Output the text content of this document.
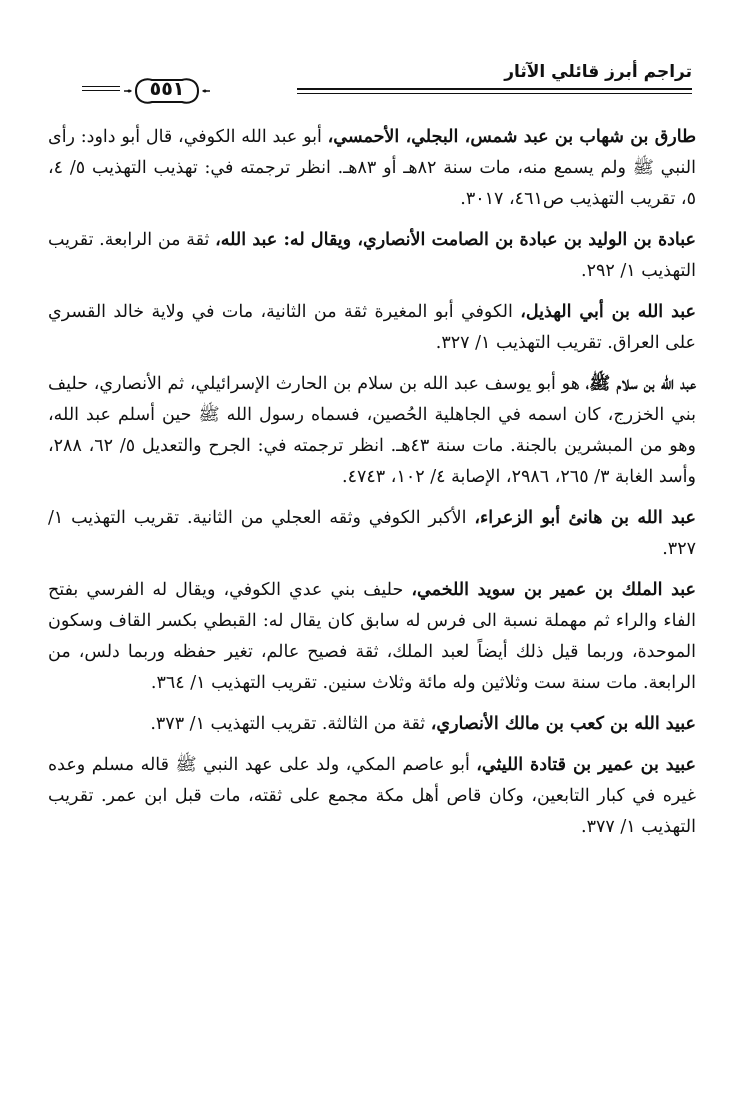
تراجم أبرز قائلي الآثار
٥٥١

طارق بن شهاب بن عبد شمس، البجلي، الأحمسي، أبو عبد الله الكوفي، قال أبو داود: رأى النبي ﷺ ولم يسمع منه، مات سنة ٨٢هـ أو ٨٣هـ. انظر ترجمته في: تهذيب التهذيب ٥/ ٤، ٥، تقريب التهذيب ص٤٦١، ٣٠١٧.

عبادة بن الوليد بن عبادة بن الصامت الأنصاري، ويقال له: عبد الله، ثقة من الرابعة. تقريب التهذيب ١/ ٢٩٢.

عبد الله بن أبي الهذيل، الكوفي أبو المغيرة ثقة من الثانية، مات في ولاية خالد القسري على العراق. تقريب التهذيب ١/ ٣٢٧.

عبد الله بن سلام ﷺ، هو أبو يوسف عبد الله بن سلام بن الحارث الإسرائيلي، ثم الأنصاري، حليف بني الخزرج، كان اسمه في الجاهلية الحُصين، فسماه رسول الله ﷺ حين أسلم عبد الله، وهو من المبشرين بالجنة. مات سنة ٤٣هـ. انظر ترجمته في: الجرح والتعديل ٥/ ٦٢، ٢٨٨، وأسد الغابة ٣/ ٢٦٥، ٢٩٨٦، الإصابة ٤/ ١٠٢، ٤٧٤٣.

عبد الله بن هانئ أبو الزعراء، الأكبر الكوفي وثقه العجلي من الثانية. تقريب التهذيب ١/ ٣٢٧.

عبد الملك بن عمير بن سويد اللخمي، حليف بني عدي الكوفي، ويقال له الفرسي بفتح الفاء والراء ثم مهملة نسبة الى فرس له سابق كان يقال له: القبطي بكسر القاف وسكون الموحدة، وربما قيل ذلك أيضاً لعبد الملك، ثقة فصيح عالم، تغير حفظه وربما دلس، من الرابعة. مات سنة ست وثلاثين وله مائة وثلاث سنين. تقريب التهذيب ١/ ٣٦٤.

عبيد الله بن كعب بن مالك الأنصاري، ثقة من الثالثة. تقريب التهذيب ١/ ٣٧٣.

عبيد بن عمير بن قتادة الليثي، أبو عاصم المكي، ولد على عهد النبي ﷺ قاله مسلم وعده غيره في كبار التابعين، وكان قاص أهل مكة مجمع على ثقته، مات قبل ابن عمر. تقريب التهذيب ١/ ٣٧٧.
